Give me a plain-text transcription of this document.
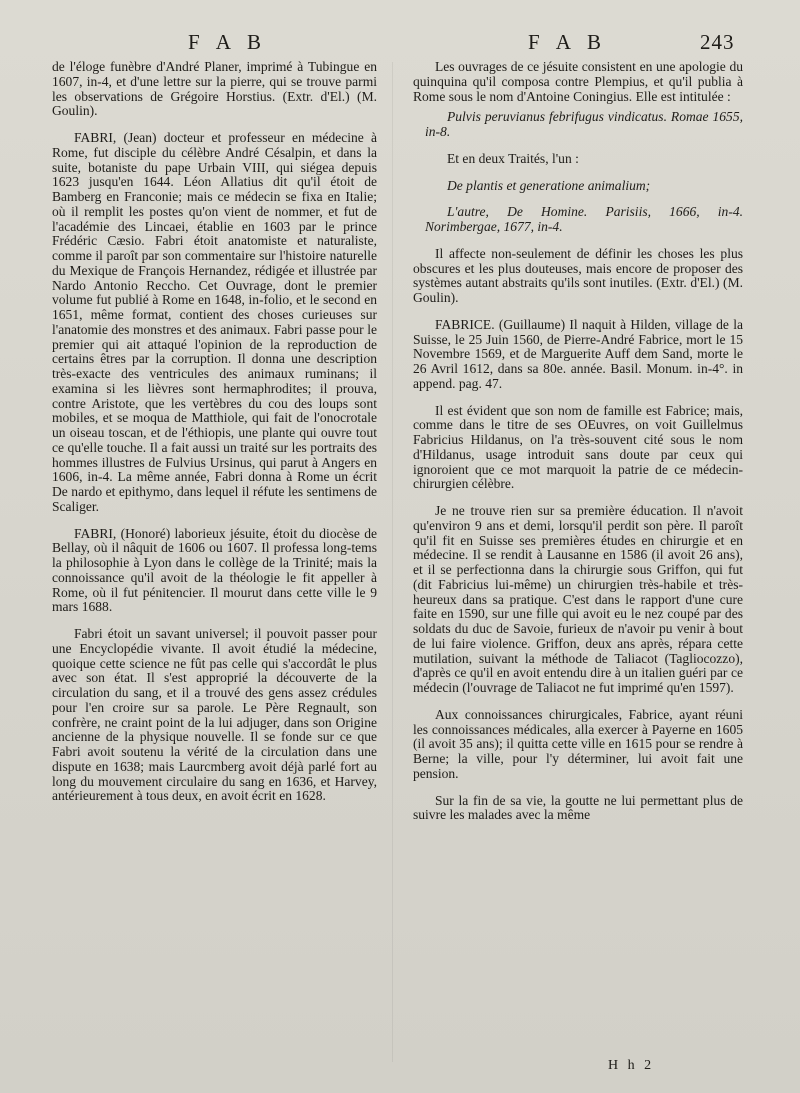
F A B	F A B	243

de l'éloge funèbre d'André Planer, imprimé à Tubingue en 1607, in-4, et d'une lettre sur la pierre, qui se trouve parmi les observations de Grégoire Horstius. (Extr. d'El.) (M. Goulin).

FABRI, (Jean) docteur et professeur en médecine à Rome, fut disciple du célèbre André Césalpin, et dans la suite, botaniste du pape Urbain VIII, qui siégea depuis 1623 jusqu'en 1644. Léon Allatius dit qu'il étoit de Bamberg en Franconie; mais ce médecin se fixa en Italie; où il remplit les postes qu'on vient de nommer, et fut de l'académie des Lincaei, établie en 1603 par le prince Frédéric Cæsio. Fabri étoit anatomiste et naturaliste, comme il paroît par son commentaire sur l'histoire naturelle du Mexique de François Hernandez, rédigée et illustrée par Nardo Antonio Reccho. Cet Ouvrage, dont le premier volume fut publié à Rome en 1648, in-folio, et le second en 1651, même format, contient des choses curieuses sur l'anatomie des monstres et des animaux. Fabri passe pour le premier qui ait attaqué l'opinion de la reproduction de certains êtres par la corruption. Il donna une description très-exacte des ventricules des animaux ruminans; il examina si les lièvres sont hermaphrodites; il prouva, contre Aristote, que les vertèbres du cou des loups sont mobiles, et se moqua de Matthiole, qui fait de l'onocrotale un oiseau toscan, et de l'éthiopis, une plante qui ouvre tout ce qu'elle touche. Il a fait aussi un traité sur les portraits des hommes illustres de Fulvius Ursinus, qui parut à Angers en 1606, in-4. La même année, Fabri donna à Rome un écrit De nardo et epithymo, dans lequel il réfute les sentimens de Scaliger.

FABRI, (Honoré) laborieux jésuite, étoit du diocèse de Bellay, où il nâquit de 1606 ou 1607. Il professa long-tems la philosophie à Lyon dans le collège de la Trinité; mais la connoissance qu'il avoit de la théologie le fit appeller à Rome, où il fut pénitencier. Il mourut dans cette ville le 9 mars 1688.

Fabri étoit un savant universel; il pouvoit passer pour une Encyclopédie vivante. Il avoit étudié la médecine, quoique cette science ne fût pas celle qui s'accordât le plus avec son état. Il s'est approprié la découverte de la circulation du sang, et il a trouvé des gens assez crédules pour l'en croire sur sa parole. Le Père Regnault, son confrère, ne craint point de la lui adjuger, dans son Origine ancienne de la physique nouvelle. Il se fonde sur ce que Fabri avoit soutenu la vérité de la circulation dans une dispute en 1638; mais Laurcmberg avoit déjà parlé fort au long du mouvement circulaire du sang en 1636, et Harvey, antérieurement à tous deux, en avoit écrit en 1628.

Les ouvrages de ce jésuite consistent en une apologie du quinquina qu'il composa contre Plempius, et qu'il publia à Rome sous le nom d'Antoine Coningius. Elle est intitulée :

Pulvis peruvianus febrifugus vindicatus. Romae 1655, in-8.

Et en deux Traités, l'un :

De plantis et generatione animalium;

L'autre, De Homine. Parisiis, 1666, in-4. Norimbergae, 1677, in-4.

Il affecte non-seulement de définir les choses les plus obscures et les plus douteuses, mais encore de proposer des systèmes autant abstraits qu'ils sont inutiles. (Extr. d'El.) (M. Goulin).

FABRICE. (Guillaume) Il naquit à Hilden, village de la Suisse, le 25 Juin 1560, de Pierre-André Fabrice, mort le 15 Novembre 1569, et de Marguerite Auff dem Sand, morte le 26 Avril 1612, dans sa 80e. année. Basil. Monum. in-4°. in append. pag. 47.

Il est évident que son nom de famille est Fabrice; mais, comme dans le titre de ses OEuvres, on voit Guillelmus Fabricius Hildanus, on l'a très-souvent cité sous le nom d'Hildanus, usage introduit sans doute par ceux qui ignoroient que ce mot marquoit la patrie de ce médecin-chirurgien célèbre.

Je ne trouve rien sur sa première éducation. Il n'avoit qu'environ 9 ans et demi, lorsqu'il perdit son père. Il paroît qu'il fit en Suisse ses premières études en chirurgie et en médecine. Il se rendit à Lausanne en 1586 (il avoit 26 ans), et il se perfectionna dans la chirurgie sous Griffon, qui fut (dit Fabricius lui-même) un chirurgien très-habile et très-heureux dans sa pratique. C'est dans le rapport d'une cure faite en 1590, sur une fille qui avoit eu le nez coupé par des soldats du duc de Savoie, furieux de n'avoir pu venir à bout de lui faire violence. Griffon, deux ans après, répara cette mutilation, suivant la méthode de Taliacot (Tagliocozzo), d'après ce qu'il en avoit entendu dire à un italien guéri par ce médecin (l'ouvrage de Taliacot ne fut imprimé qu'en 1597).

Aux connoissances chirurgicales, Fabrice, ayant réuni les connoissances médicales, alla exercer à Payerne en 1605 (il avoit 35 ans); il quitta cette ville en 1615 pour se rendre à Berne; la ville, pour l'y déterminer, lui avoit fait une pension.

Sur la fin de sa vie, la goutte ne lui permettant plus de suivre les malades avec la même

H h 2
